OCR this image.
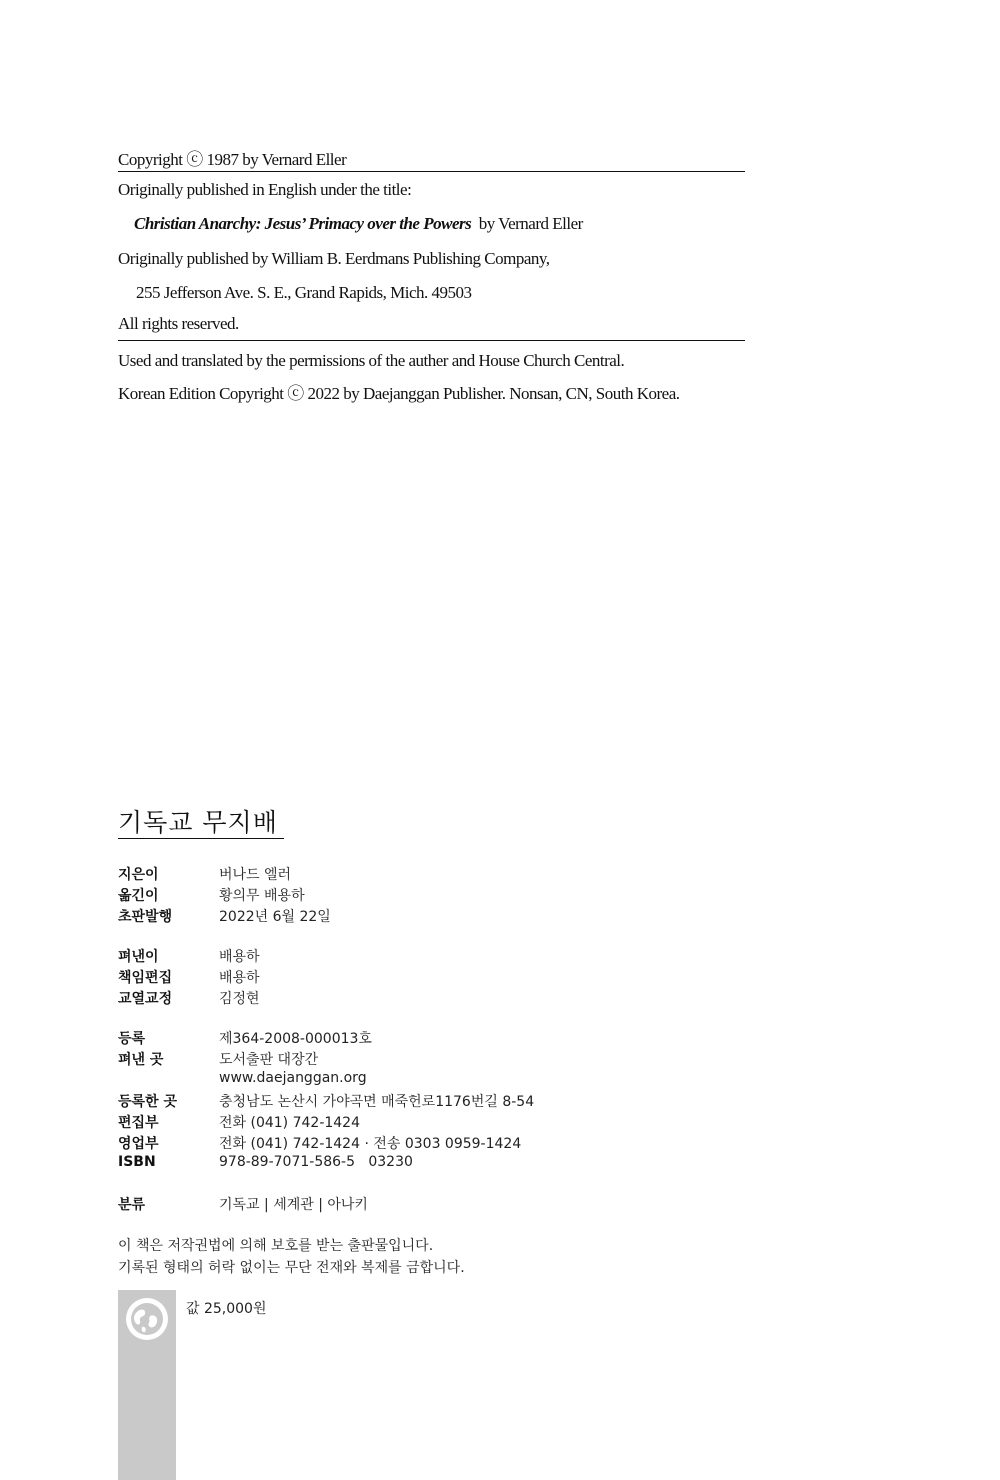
Copyright ⓒ 1987 by Vernard Eller
Originally published in English under the title:
Christian Anarchy: Jesus’ Primacy over the Powers by Vernard Eller
Originally published by William B. Eerdmans Publishing Company,
255 Jefferson Ave. S. E., Grand Rapids, Mich. 49503
All rights reserved.
Used and translated by the permissions of the auther and House Church Central.
Korean Edition Copyright ⓒ 2022 by Daejanggan Publisher. Nonsan, CN, South Korea.
기독교 무지배
지은이	버나드 엘러
옮긴이	황의무 배용하
초판발행	2022년 6월 22일
펴낸이	배용하
책임편집	배용하
교열교정	김정현
등록	제364-2008-000013호
펴낸 곳	도서출판 대장간
www.daejanggan.org
등록한 곳	충청남도 논산시 가야곡면 매죽헌로1176번길 8-54
편집부	전화 (041) 742-1424
영업부	전화 (041) 742-1424 · 전송 0303 0959-1424
ISBN	978-89-7071-586-5   03230
분류	기독교 | 세계관 | 아나키
이 책은 저작권법에 의해 보호를 받는 출판물입니다.
기록된 형태의 허락 없이는 무단 전재와 복제를 금합니다.
값 25,000원
